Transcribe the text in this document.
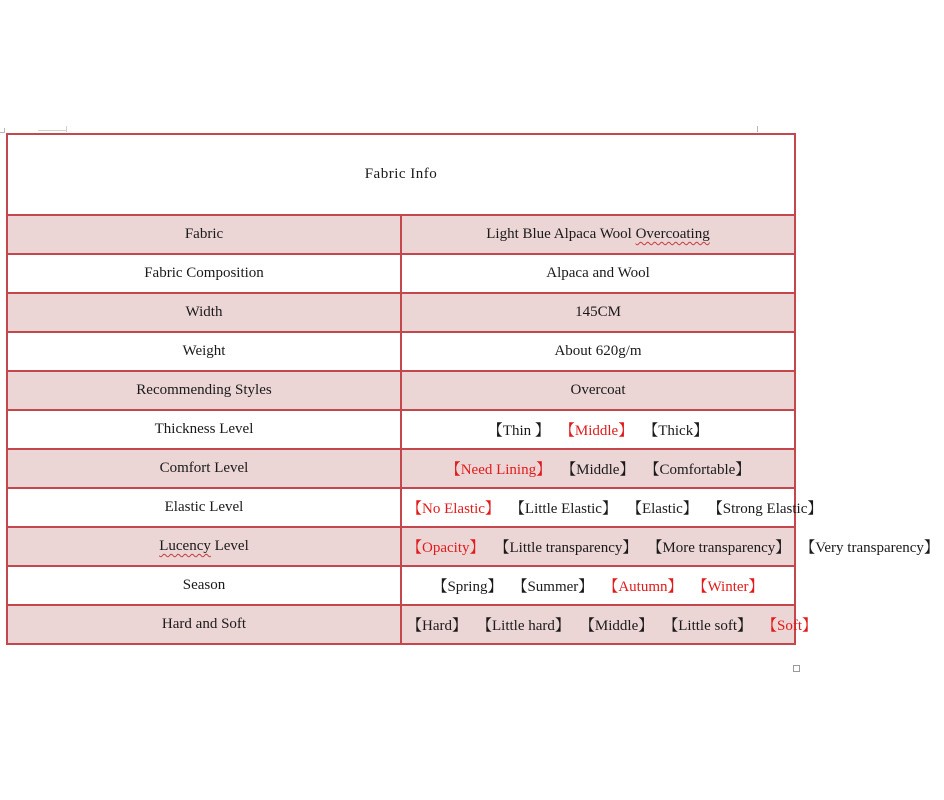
Fabric Info	
Fabric	Light Blue Alpaca Wool Overcoating
Fabric Composition	Alpaca and Wool
Width	145CM
Weight	About 620g/m
Recommending Styles	Overcoat
Thickness Level	【Thin 】 【Middle】 【Thick】
Comfort Level	【Need Lining】 【Middle】 【Comfortable】
Elastic Level	【No Elastic】 【Little Elastic】 【Elastic】 【Strong Elastic】
Lucency Level	【Opacity】 【Little transparency】 【More transparency】 【Very transparency】
Season	【Spring】 【Summer】 【Autumn】 【Winter】
Hard and Soft	【Hard】 【Little hard】 【Middle】 【Little soft】 【Soft】
